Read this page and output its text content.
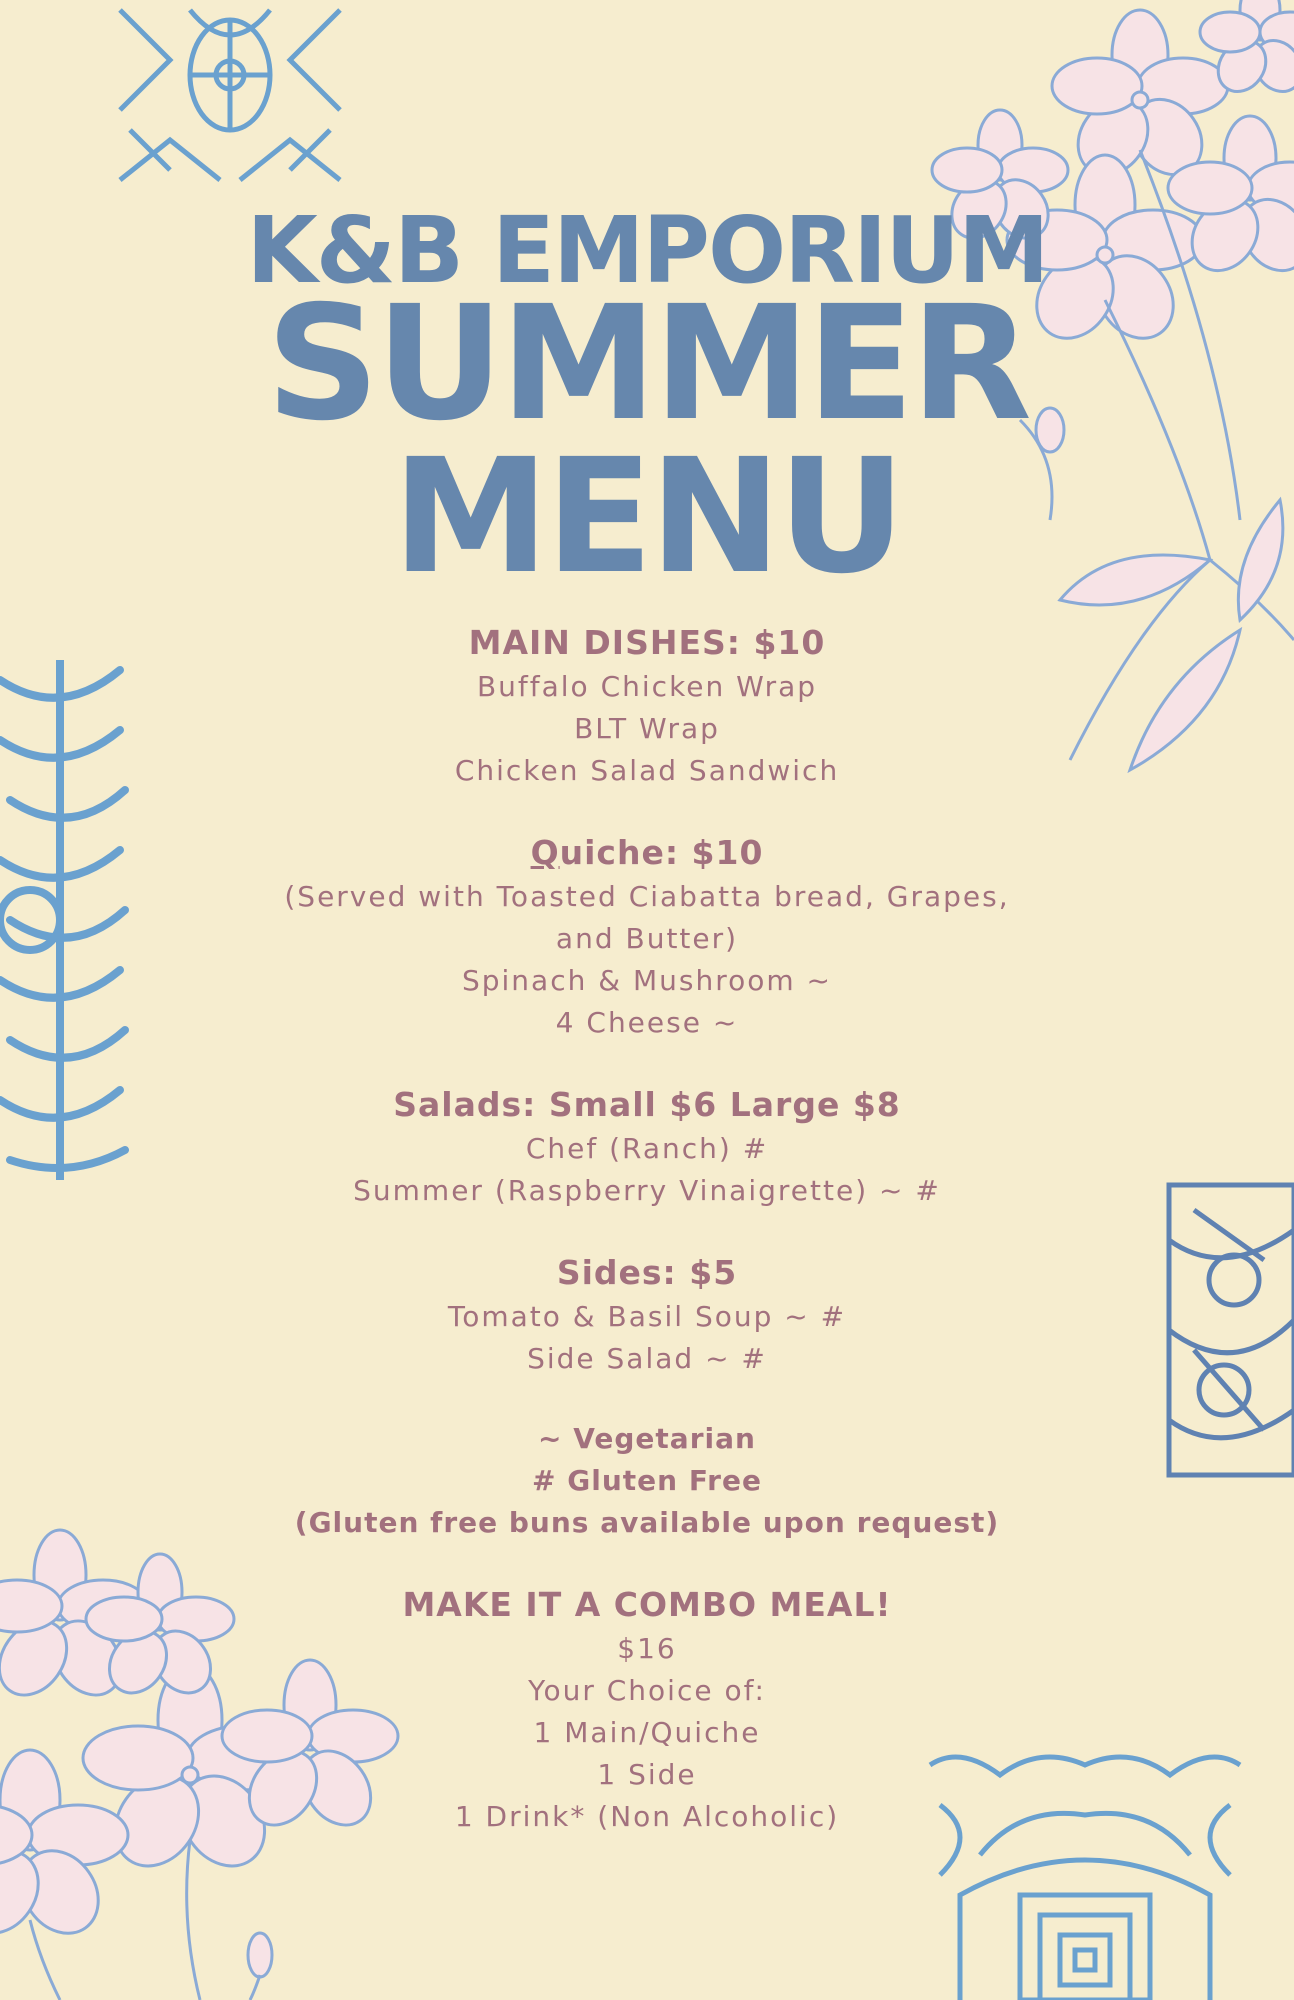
K&B EMPORIUM
SUMMER
MENU
MAIN DISHES: $10
Buffalo Chicken Wrap
BLT Wrap
Chicken Salad Sandwich
Quiche: $10
(Served with Toasted Ciabatta bread, Grapes,
and Butter)
Spinach & Mushroom ~
4 Cheese ~
Salads: Small $6 Large $8
Chef (Ranch) #
Summer (Raspberry Vinaigrette) ~ #
Sides: $5
Tomato & Basil Soup ~ #
Side Salad ~ #
~ Vegetarian
# Gluten Free
(Gluten free buns available upon request)
MAKE IT A COMBO MEAL!
$16
Your Choice of:
1 Main/Quiche
1 Side
1 Drink* (Non Alcoholic)
